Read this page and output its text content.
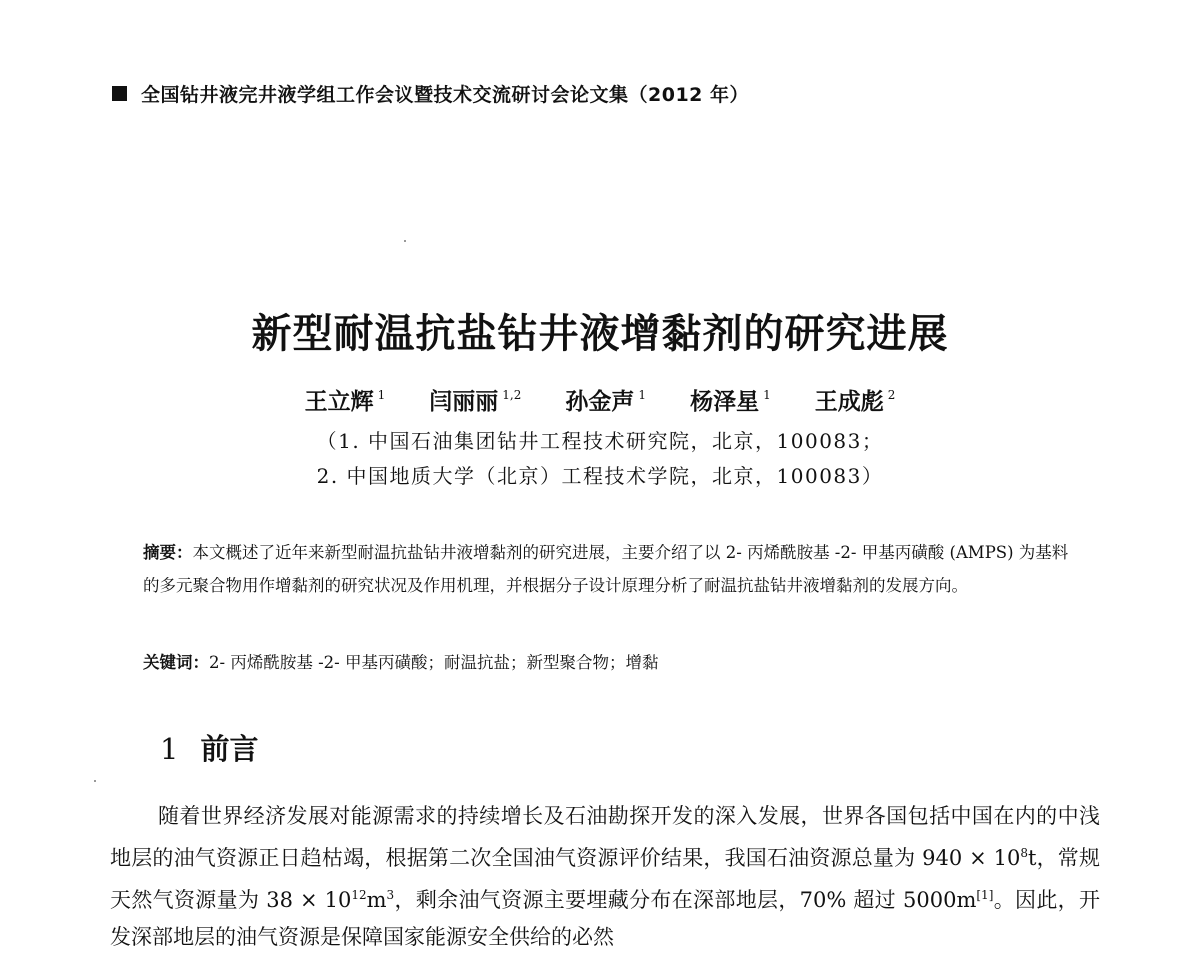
全国钻井液完井液学组工作会议暨技术交流研讨会论文集（2012 年）
新型耐温抗盐钻井液增黏剂的研究进展
王立辉 $^1$ 闫丽丽 $^{1,2}$ 孙金声 $^1$ 杨泽星 $^1$ 王成彪 $^2$
（1. 中国石油集团钻井工程技术研究院，北京，100083；
2. 中国地质大学（北京）工程技术学院，北京，100083）

摘要：本文概述了近年来新型耐温抗盐钻井液增黏剂的研究进展，主要介绍了以 2- 丙烯酰胺基 -2- 甲基丙磺酸 (AMPS) 为基料的多元聚合物用作增黏剂的研究状况及作用机理，并根据分子设计原理分析了耐温抗盐钻井液增黏剂的发展方向。

关键词：2- 丙烯酰胺基 -2- 甲基丙磺酸；耐温抗盐；新型聚合物；增黏
1 前言

随着世界经济发展对能源需求的持续增长及石油勘探开发的深入发展，世界各国包括中国在内的中浅地层的油气资源正日趋枯竭，根据第二次全国油气资源评价结果，我国石油资源总量为 $940 \times 10^8t$，常规天然气资源量为 $38 \times 10^{12}m^3$，剩余油气资源主要埋藏分布在深部地层，70% 超过 5000m[1]。因此，开发深部地层的油气资源是保障国家能源安全供给的必然
